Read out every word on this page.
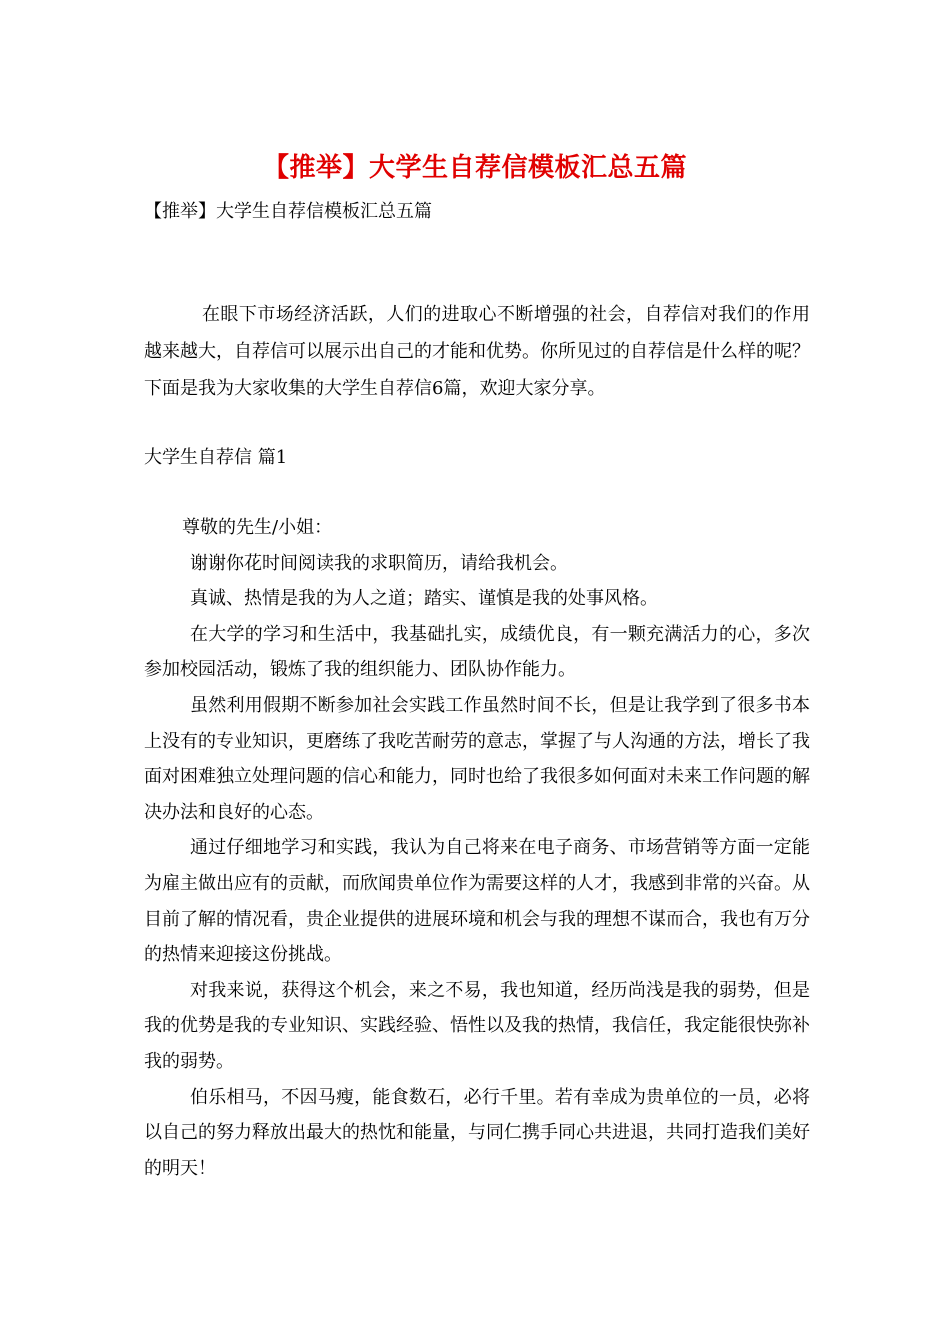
【推举】大学生自荐信模板汇总五篇
【推举】大学生自荐信模板汇总五篇

在眼下市场经济活跃，人们的进取心不断增强的社会，自荐信对我们的作用越来越大，自荐信可以展示出自己的才能和优势。你所见过的自荐信是什么样的呢？下面是我为大家收集的大学生自荐信6篇，欢迎大家分享。

大学生自荐信 篇1

尊敬的先生/小姐：

谢谢你花时间阅读我的求职简历，请给我机会。

真诚、热情是我的为人之道；踏实、谨慎是我的处事风格。

在大学的学习和生活中，我基础扎实，成绩优良，有一颗充满活力的心，多次参加校园活动，锻炼了我的组织能力、团队协作能力。

虽然利用假期不断参加社会实践工作虽然时间不长，但是让我学到了很多书本上没有的专业知识，更磨练了我吃苦耐劳的意志，掌握了与人沟通的方法，增长了我面对困难独立处理问题的信心和能力，同时也给了我很多如何面对未来工作问题的解决办法和良好的心态。

通过仔细地学习和实践，我认为自己将来在电子商务、市场营销等方面一定能为雇主做出应有的贡献，而欣闻贵单位作为需要这样的人才，我感到非常的兴奋。从目前了解的情况看，贵企业提供的进展环境和机会与我的理想不谋而合，我也有万分的热情来迎接这份挑战。

对我来说，获得这个机会，来之不易，我也知道，经历尚浅是我的弱势，但是我的优势是我的专业知识、实践经验、悟性以及我的热情，我信任，我定能很快弥补我的弱势。

伯乐相马，不因马瘦，能食数石，必行千里。若有幸成为贵单位的一员，必将以自己的努力释放出最大的热忱和能量，与同仁携手同心共进退，共同打造我们美好的明天！
